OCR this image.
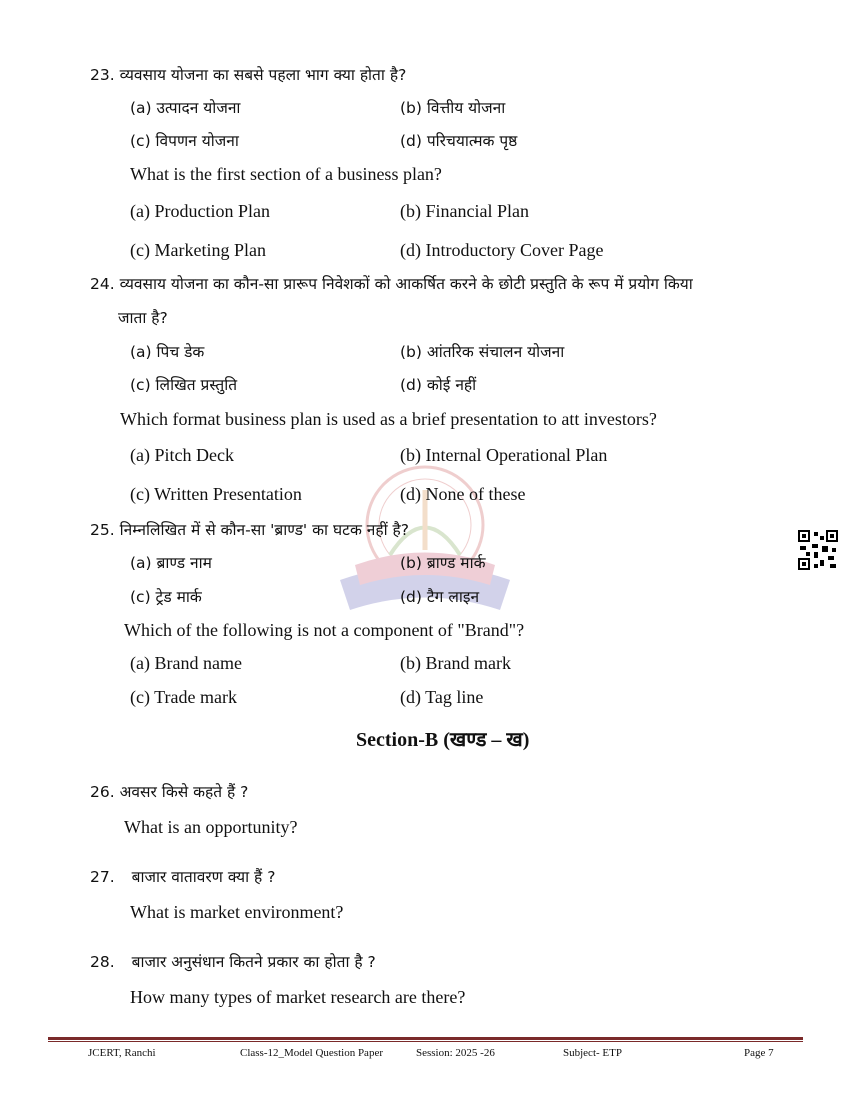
23. व्यवसाय योजना का सबसे पहला भाग क्या होता है?
(a) उत्पादन योजना	(b) वित्तीय योजना
(c) विपणन योजना	(d) परिचयात्मक पृष्ठ
What is the first section of a business plan?
(a) Production Plan	(b) Financial Plan
(c) Marketing Plan	(d) Introductory Cover Page
24. व्यवसाय योजना का कौन-सा प्रारूप निवेशकों को आकर्षित करने के छोटी प्रस्तुति के रूप में प्रयोग किया
जाता है?
(a) पिच डेक	(b) आंतरिक संचालन योजना
(c) लिखित प्रस्तुति	(d) कोई नहीं
Which format business plan is used as a brief presentation to att investors?
(a) Pitch Deck	(b) Internal Operational Plan
(c) Written Presentation	(d) None of these
25. निम्नलिखित में से कौन-सा 'ब्राण्ड' का घटक नहीं है?
(a) ब्राण्ड नाम	(b) ब्राण्ड मार्क
(c) ट्रेड मार्क	(d) टैग लाइन
Which of the following is not a component of "Brand"?
(a) Brand name	(b) Brand mark
(c) Trade mark	(d) Tag line
Section-B (खण्ड – ख)
26. अवसर किसे कहते हैं ?
What is an opportunity?
27. बाजार वातावरण क्या हैं ?
What is market environment?
28. बाजार अनुसंधान कितने प्रकार का होता है ?
How many types of market research are there?
JCERT, Ranchi	Class-12_Model Question Paper	Session: 2025 -26	Subject- ETP	Page 7
